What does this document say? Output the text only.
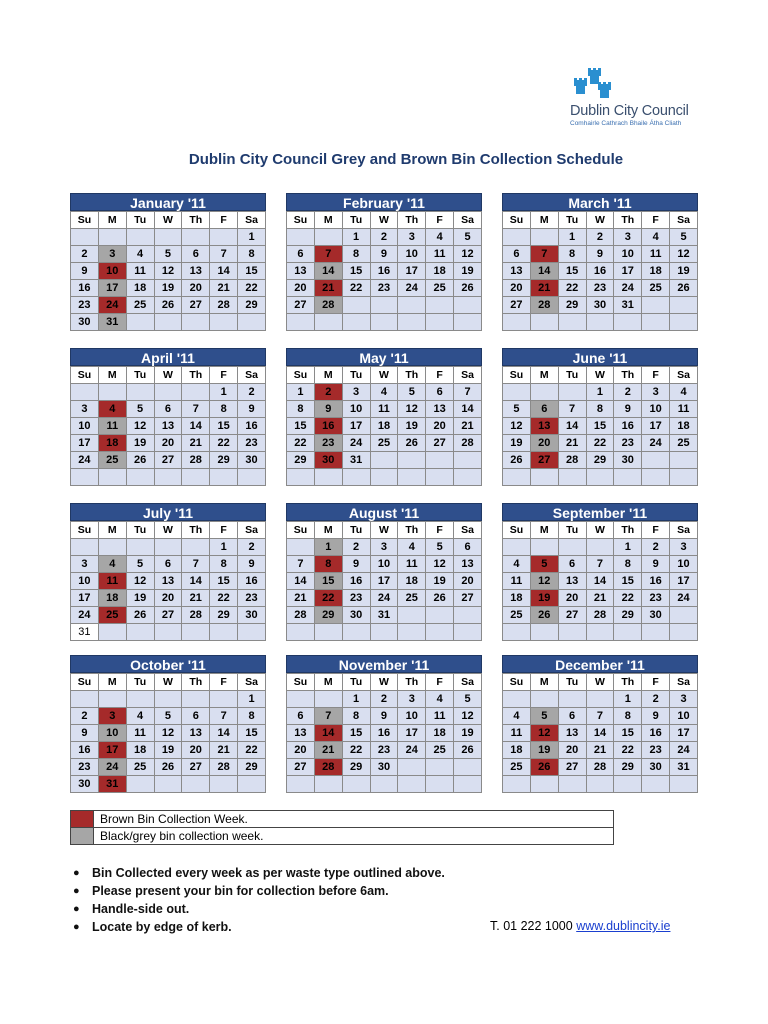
Dublin City Council
Comhairle Cathrach Bhaile Átha Cliath
Dublin City Council Grey and Brown Bin Collection Schedule
January '11
Su	M	Tu	W	Th	F	Sa
						1
2	3	4	5	6	7	8
9	10	11	12	13	14	15
16	17	18	19	20	21	22
23	24	25	26	27	28	29
30	31					
February '11
Su	M	Tu	W	Th	F	Sa
		1	2	3	4	5
6	7	8	9	10	11	12
13	14	15	16	17	18	19
20	21	22	23	24	25	26
27	28					

March '11
Su	M	Tu	W	Th	F	Sa
		1	2	3	4	5
6	7	8	9	10	11	12
13	14	15	16	17	18	19
20	21	22	23	24	25	26
27	28	29	30	31		

April '11
Su	M	Tu	W	Th	F	Sa
					1	2
3	4	5	6	7	8	9
10	11	12	13	14	15	16
17	18	19	20	21	22	23
24	25	26	27	28	29	30

May '11
Su	M	Tu	W	Th	F	Sa
1	2	3	4	5	6	7
8	9	10	11	12	13	14
15	16	17	18	19	20	21
22	23	24	25	26	27	28
29	30	31				

June '11
Su	M	Tu	W	Th	F	Sa
			1	2	3	4
5	6	7	8	9	10	11
12	13	14	15	16	17	18
19	20	21	22	23	24	25
26	27	28	29	30		

July '11
Su	M	Tu	W	Th	F	Sa
					1	2
3	4	5	6	7	8	9
10	11	12	13	14	15	16
17	18	19	20	21	22	23
24	25	26	27	28	29	30
31						
August '11
Su	M	Tu	W	Th	F	Sa
	1	2	3	4	5	6
7	8	9	10	11	12	13
14	15	16	17	18	19	20
21	22	23	24	25	26	27
28	29	30	31			

September '11
Su	M	Tu	W	Th	F	Sa
				1	2	3
4	5	6	7	8	9	10
11	12	13	14	15	16	17
18	19	20	21	22	23	24
25	26	27	28	29	30	

October '11
Su	M	Tu	W	Th	F	Sa
						1
2	3	4	5	6	7	8
9	10	11	12	13	14	15
16	17	18	19	20	21	22
23	24	25	26	27	28	29
30	31					
November '11
Su	M	Tu	W	Th	F	Sa
		1	2	3	4	5
6	7	8	9	10	11	12
13	14	15	16	17	18	19
20	21	22	23	24	25	26
27	28	29	30			

December '11
Su	M	Tu	W	Th	F	Sa
				1	2	3
4	5	6	7	8	9	10
11	12	13	14	15	16	17
18	19	20	21	22	23	24
25	26	27	28	29	30	31

	Brown Bin Collection Week.
	Black/grey bin collection week.
● Bin Collected every week as per waste type outlined above.
● Please present your bin for collection before 6am.
● Handle-side out.
● Locate by edge of kerb.	T. 01 222 1000 www.dublincity.ie
